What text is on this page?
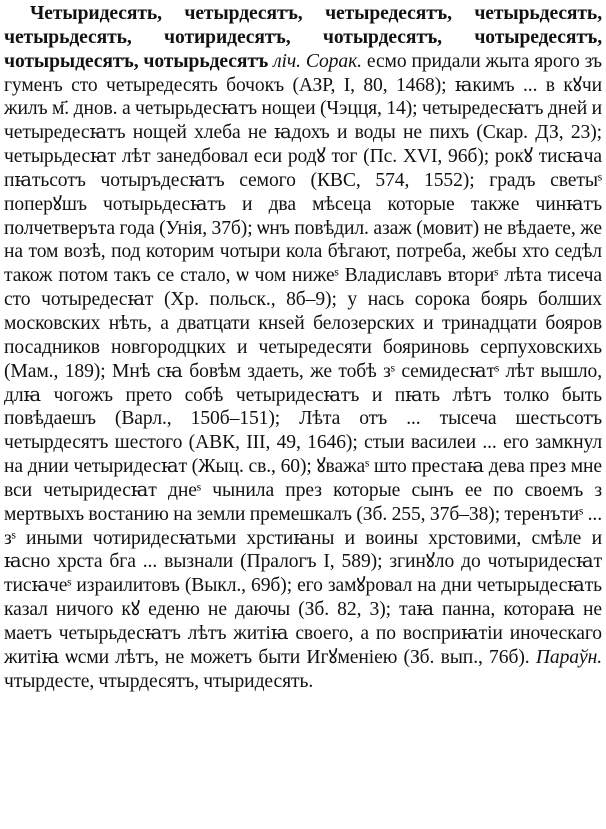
Четыридесять, четырдесятъ, четыредесятъ, четырьдесять, четырьдесять, чотиридесятъ, чотырдесятъ, чотыредесятъ, чотырыдесятъ, чотырьдесятъ ліч. Сорак. есмо придали жыта ярого зъ гуменъ сто четыредесять бочокъ (АЗР, I, 80, 1468); ꙗкимъ ... в кꙋчи жилъ м҃. днов. а четырьдесꙗтъ нощеи (Чэцця, 14); четыредесꙗтъ дней и четыредесꙗтъ нощей хлеба не ꙗдохъ и воды не пихъ (Скар. ДЗ, 23); четырьдесꙗт лѣт занедбовал еси родꙋ тог (Пс. XVI, 96б); рокꙋ тисꙗча пꙗтьсотъ чотыръдесꙗтъ семого (КВС, 574, 1552); градъ светыˢ поперꙋшъ чотырьдесꙗтъ и два мѣсеца которые также чинꙗтъ полчетверъта года (Унія, 37б); ѡнъ повѣдил. азаж (мовит) не вѣдаете, же на том возѣ, под которим чотыри кола бѣгают, потреба, жебы хто седѣл також потом такъ се стало, ѡ чом нижеˢ Владиславъ вториˢ лѣта тисеча сто чотыредесꙗт (Хр. польск., 8б–9); у нась сорока боярь болших московских нѣть, а дватцати кнѕей белозерских и тринадцати бояров посадников новгородцких и четыредесяти бояриновь серпуховскихь (Мам., 189); Мнѣ сꙗ бовѣм здаеть, же тобѣ зˢ семидесꙗтˢ лѣт вышло, длꙗ чогожъ прето собѣ четыридесꙗтъ и пꙗть лѣтъ толко быть повѣдаешъ (Варл., 150б–151); Лѣта отъ ... тысеча шестьсотъ четырдесятъ шестого (АВК, III, 49, 1646); стыи василеи ... его замкнул на днии четыридесꙗт (Жыц. св., 60); ꙋважаˢ што престаꙗ дева през мне вси четыридесꙗт днеˢ чынила през которые сынъ ее по своемъ з мертвыхъ востанию на земли премешкалъ (Зб. 255, 37б–38); теренътиˢ ... зˢ иными чотиридесꙗтьми хрстиꙗны и воины хрстовими, смѣле и ꙗсно хрста бга ... вызнали (Пралогъ I, 589); згинꙋло до чотыридесꙗт тисꙗчеˢ израилитовъ (Выкл., 69б); его замꙋровал на дни четырыдесꙗть казал ничого кꙋ еденю не даючы (Зб. 82, 3); таꙗ панна, котораꙗ не маетъ четырьдесꙗтъ лѣтъ житіꙗ своего, а по восприꙗтіи иноческаго житіꙗ ѡсми лѣтъ, не можетъ быти Игꙋменіею (Зб. вып., 76б). Параўн. чтырдесте, чтырдесятъ, чтыридесять.
